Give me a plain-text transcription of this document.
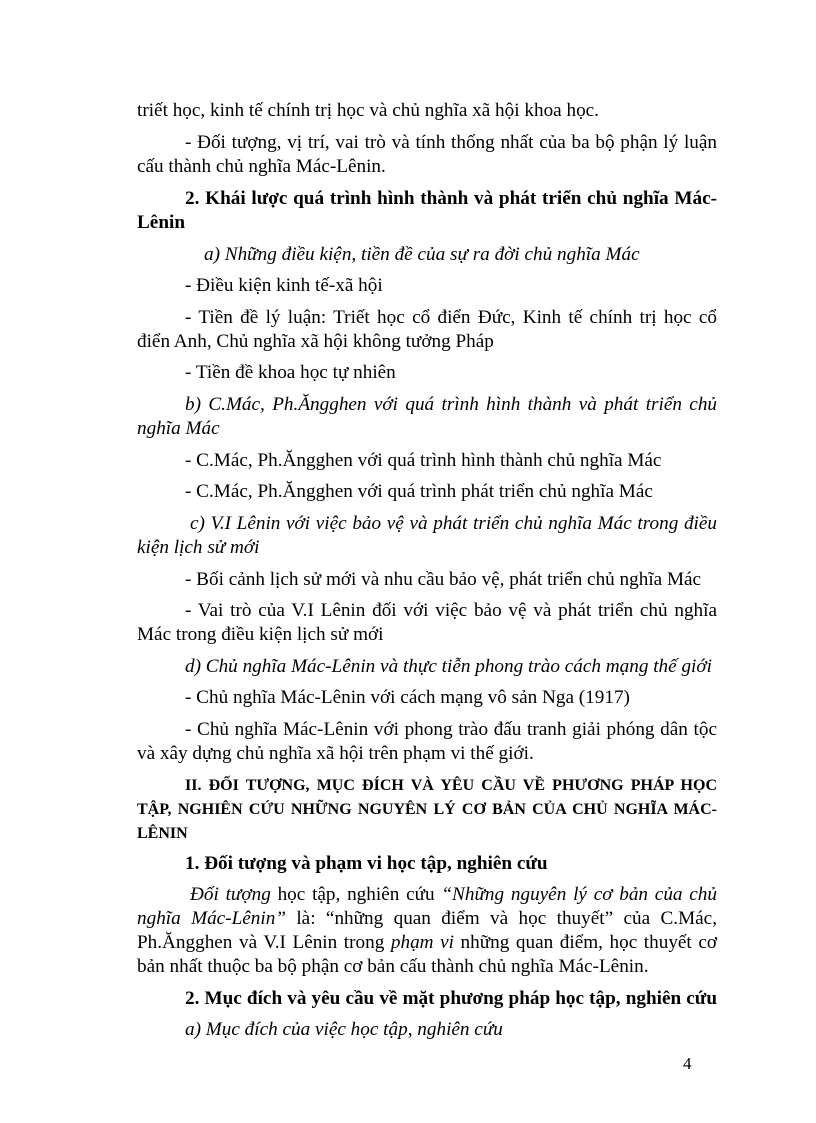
triết học, kinh tế chính trị học và chủ nghĩa xã hội khoa học.
- Đối tượng, vị trí, vai trò và tính thống nhất của ba bộ phận lý luận
cấu thành chủ nghĩa Mác-Lênin.
2. Khái lược quá trình hình thành và phát triển chủ nghĩa Mác-
Lênin
a) Những điều kiện, tiền đề của sự ra đời chủ nghĩa Mác
- Điều kiện kinh tế-xã hội
- Tiền đề lý luận: Triết học cổ điển Đức, Kinh tế chính trị học cổ
điển Anh, Chủ nghĩa xã hội không tưởng Pháp
- Tiền đề khoa học tự nhiên
b) C.Mác, Ph.Ăngghen với quá trình hình thành và phát triển chủ
nghĩa Mác
- C.Mác, Ph.Ăngghen với quá trình hình thành chủ nghĩa Mác
- C.Mác, Ph.Ăngghen với quá trình phát triển chủ nghĩa Mác
c) V.I Lênin với việc bảo vệ và phát triển chủ nghĩa Mác trong điều
kiện lịch sử mới
- Bối cảnh lịch sử mới và nhu cầu bảo vệ, phát triển chủ nghĩa Mác
- Vai trò của V.I Lênin đối với việc bảo vệ và phát triển chủ nghĩa
Mác trong điều kiện lịch sử mới
d) Chủ nghĩa Mác-Lênin và thực tiễn phong trào cách mạng thế giới
- Chủ nghĩa Mác-Lênin với cách mạng vô sản Nga (1917)
- Chủ nghĩa Mác-Lênin với phong trào đấu tranh giải phóng dân tộc
và xây dựng chủ nghĩa xã hội trên phạm vi thế giới.
II. ĐỐI TƯỢNG, MỤC ĐÍCH VÀ YÊU CẦU VỀ PHƯƠNG PHÁP HỌC
TẬP, NGHIÊN CỨU NHỮNG NGUYÊN LÝ CƠ BẢN CỦA CHỦ NGHĨA MÁC-
LÊNIN
1. Đối tượng và phạm vi học tập, nghiên cứu
Đối tượng học tập, nghiên cứu “Những nguyên lý cơ bản của chủ
nghĩa Mác-Lênin” là: “những quan điểm và học thuyết” của C.Mác,
Ph.Ăngghen và V.I Lênin trong phạm vi những quan điểm, học thuyết cơ
bản nhất thuộc ba bộ phận cơ bản cấu thành chủ nghĩa Mác-Lênin.
2. Mục đích và yêu cầu về mặt phương pháp học tập, nghiên cứu
a) Mục đích của việc học tập, nghiên cứu
4
